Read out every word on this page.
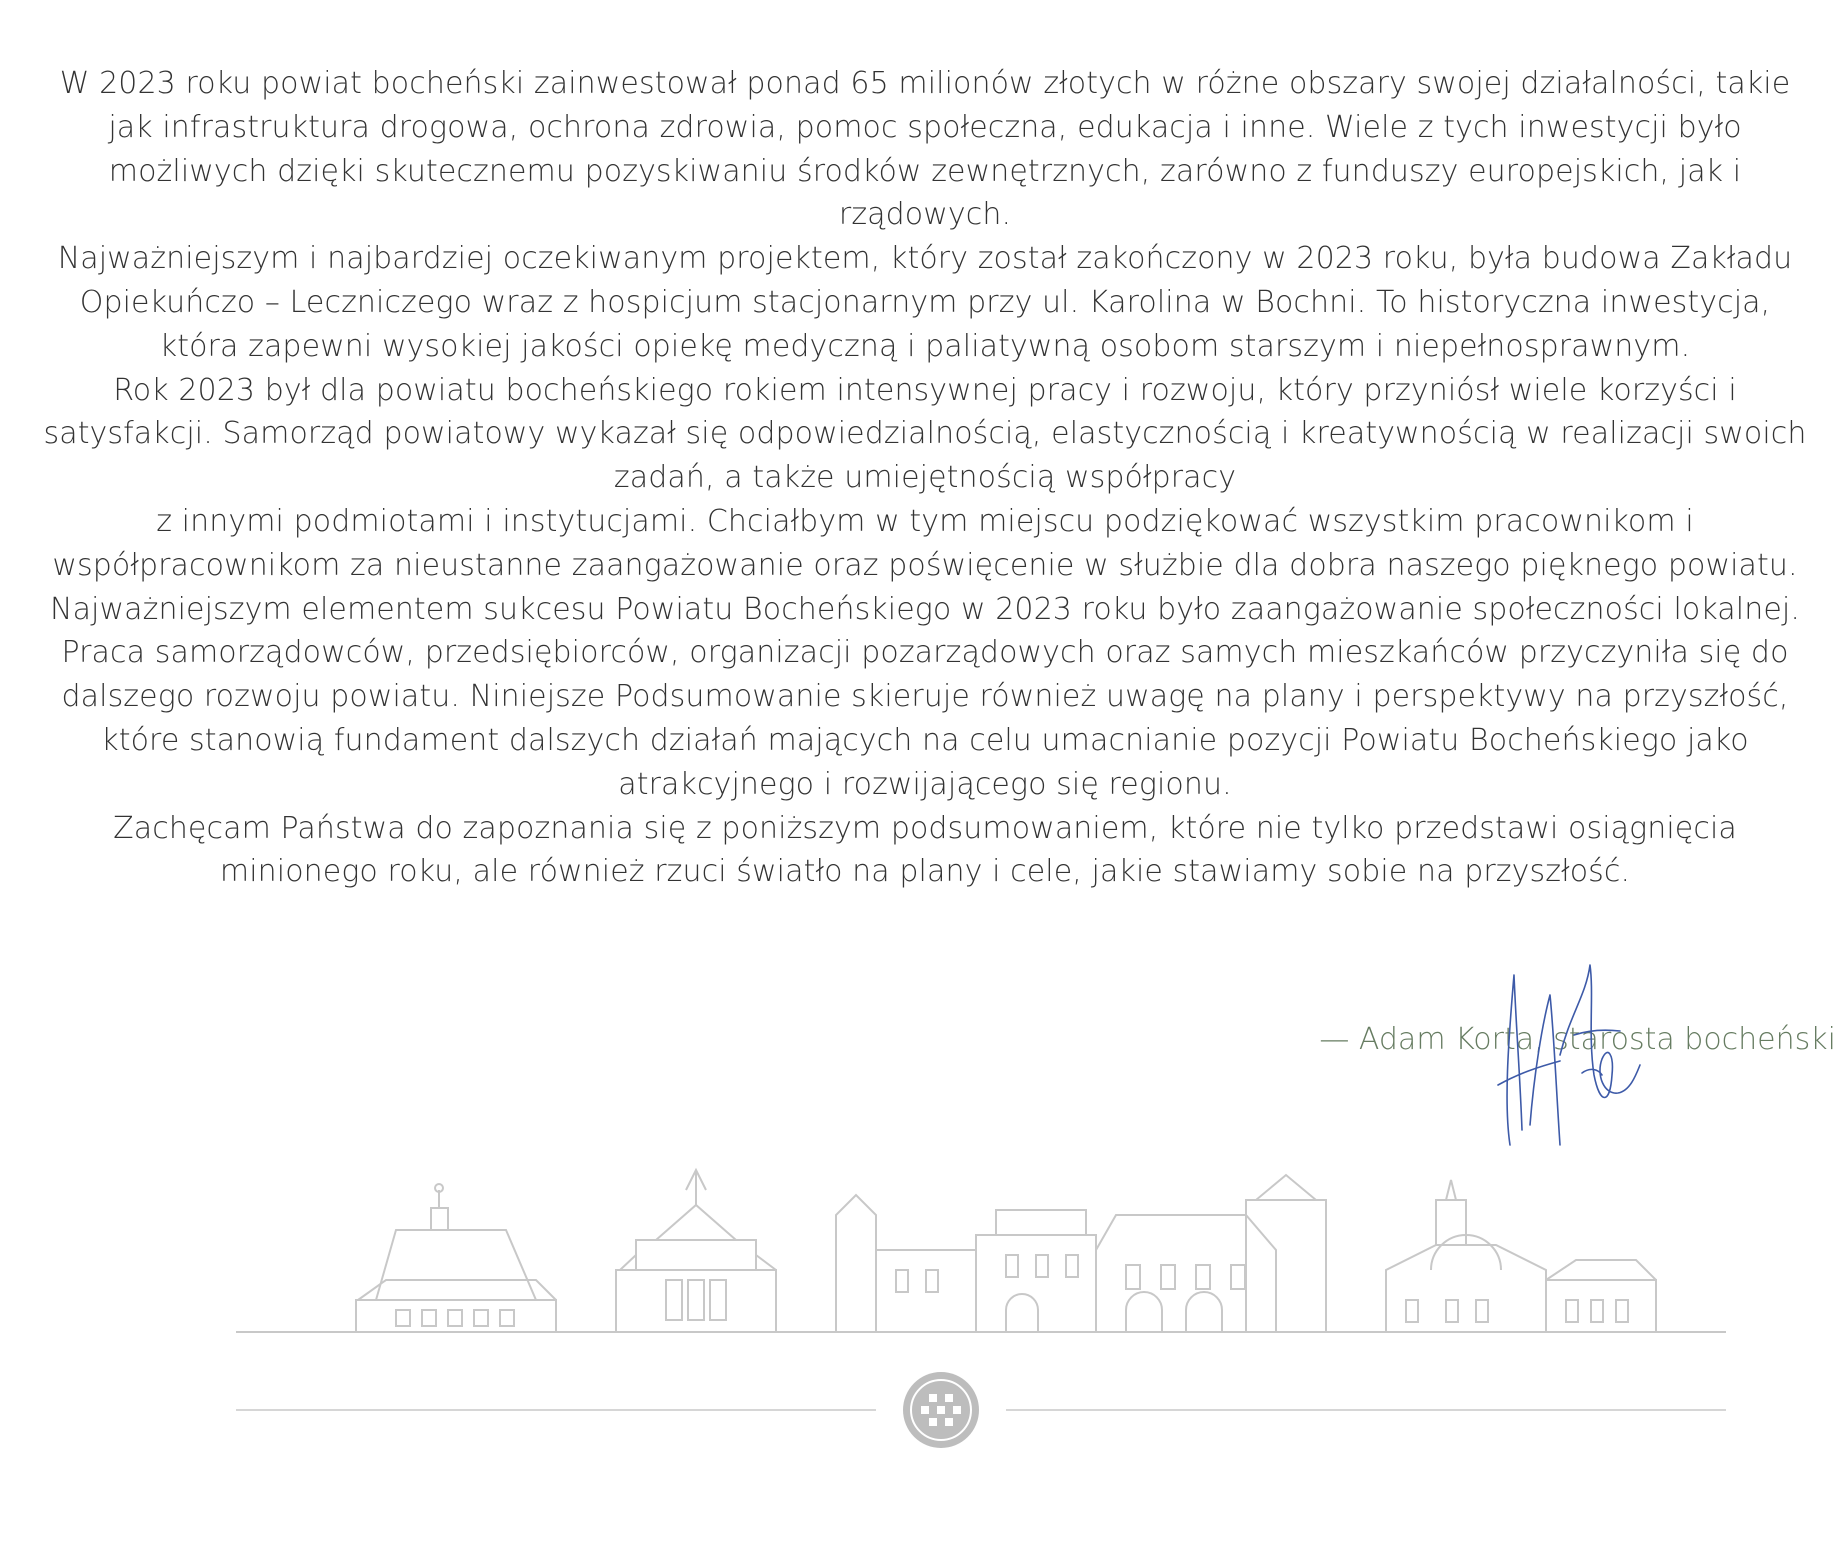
W 2023 roku powiat bocheński zainwestował ponad 65 milionów złotych w różne obszary swojej działalności, takie jak infrastruktura drogowa, ochrona zdrowia, pomoc społeczna, edukacja i inne. Wiele z tych inwestycji było możliwych dzięki skutecznemu pozyskiwaniu środków zewnętrznych, zarówno z funduszy europejskich, jak i rządowych.

Najważniejszym i najbardziej oczekiwanym projektem, który został zakończony w 2023 roku, była budowa Zakładu Opiekuńczo – Leczniczego wraz z hospicjum stacjonarnym przy ul. Karolina w Bochni. To historyczna inwestycja, która zapewni wysokiej jakości opiekę medyczną i paliatywną osobom starszym i niepełnosprawnym.

Rok 2023 był dla powiatu bocheńskiego rokiem intensywnej pracy i rozwoju, który przyniósł wiele korzyści i satysfakcji. Samorząd powiatowy wykazał się odpowiedzialnością, elastycznością i kreatywnością w realizacji swoich zadań, a także umiejętnością współpracy

z innymi podmiotami i instytucjami. Chciałbym w tym miejscu podziękować wszystkim pracownikom i współpracownikom za nieustanne zaangażowanie oraz poświęcenie w służbie dla dobra naszego pięknego powiatu.

Najważniejszym elementem sukcesu Powiatu Bocheńskiego w 2023 roku było zaangażowanie społeczności lokalnej. Praca samorządowców, przedsiębiorców, organizacji pozarządowych oraz samych mieszkańców przyczyniła się do dalszego rozwoju powiatu. Niniejsze Podsumowanie skieruje również uwagę na plany i perspektywy na przyszłość, które stanowią fundament dalszych działań mających na celu umacnianie pozycji Powiatu Bocheńskiego jako atrakcyjnego i rozwijającego się regionu.

Zachęcam Państwa do zapoznania się z poniższym podsumowaniem, które nie tylko przedstawi osiągnięcia minionego roku, ale również rzuci światło na plany i cele, jakie stawiamy sobie na przyszłość.

— Adam Korta, starosta bocheński
